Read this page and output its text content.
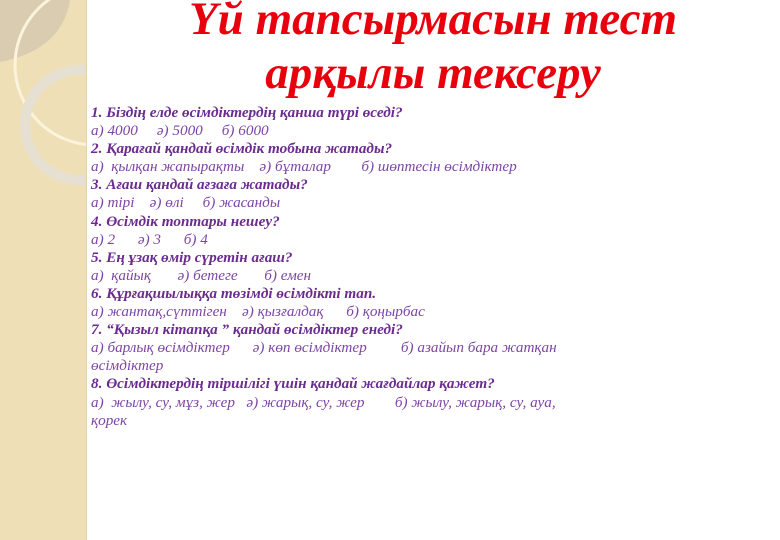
Үй тапсырмасын тест
арқылы тексеру
1. Біздің елде өсімдіктердің қанша түрі өседі?
а) 4000     ә) 5000     б) 6000
2. Қарағай қандай өсімдік тобына жатады?
а)  қылқан жапырақты    ә) бұталар        б) шөптесін өсімдіктер
3. Ағаш қандай ағзаға жатады?
а) тірі    ә) өлі     б) жасанды
4. Өсімдік топтары нешеу?
а) 2      ә) 3      б) 4
5. Ең ұзақ өмір сүретін ағаш?
а)  қайық       ә) бетеге       б) емен
6. Құрғақшылыққа төзімді өсімдікті тап.
а) жантақ,сүттіген    ә) қызғалдақ      б) қоңырбас
7. “Қызыл кітапқа ” қандай өсімдіктер енеді?
а) барлық өсімдіктер      ә) көп өсімдіктер         б) азайып бара жатқан
өсімдіктер
8. Өсімдіктердің тіршілігі үшін қандай жағдайлар қажет?
а)  жылу, су, мұз, жер   ә) жарық, су, жер        б) жылу, жарық, су, ауа,
қорек
